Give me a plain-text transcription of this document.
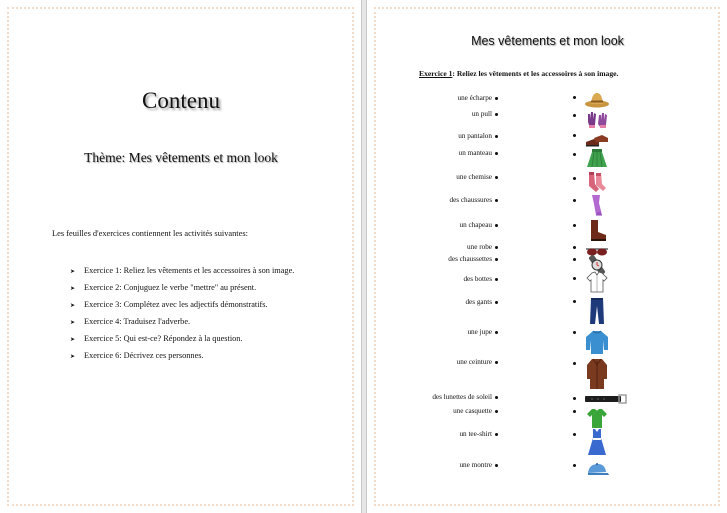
Contenu
Thème: Mes vêtements et mon look
Les feuilles d'exercices contiennent les activités suivantes:
➤ Exercice 1: Reliez les vêtements et les accessoires à son image.
➤ Exercice 2: Conjuguez le verbe "mettre" au présent.
➤ Exercice 3: Complétez avec les adjectifs démonstratifs.
➤ Exercice 4: Traduisez l'adverbe.
➤ Exercice 5: Qui est-ce? Répondez à la question.
➤ Exercice 6: Décrivez ces personnes.
Mes vêtements et mon look
Exercice 1: Reliez les vêtements et les accessoires à son image.
une écharpe
un pull
un pantalon
un manteau
une chemise
des chaussures
un chapeau
une robe
des chaussettes
des bottes
des gants
une jupe
une ceinture
des lunettes de soleil
une casquette
un tee-shirt
une montre
